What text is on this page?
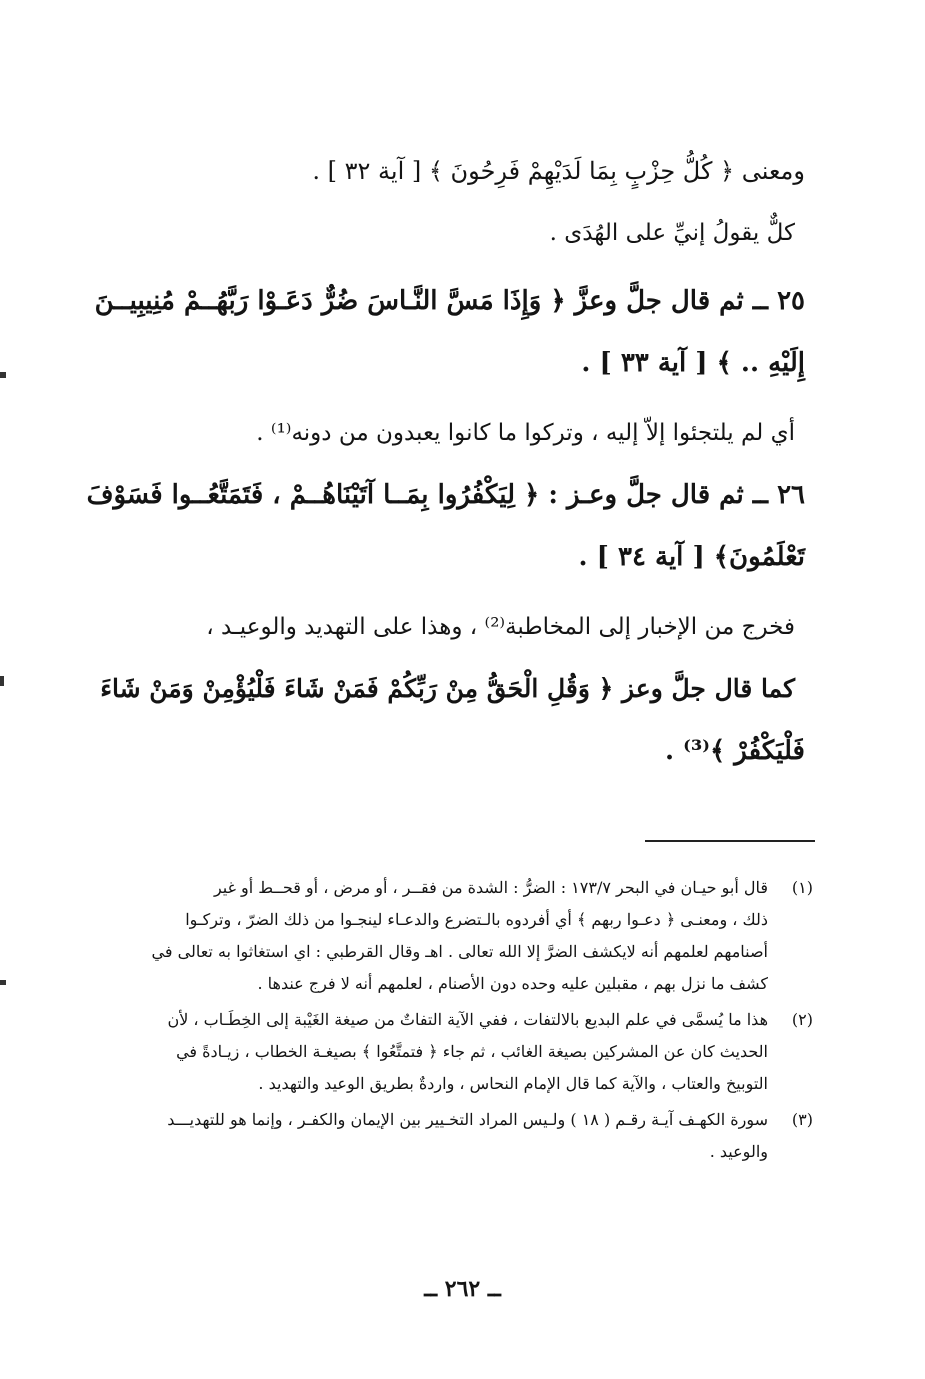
ومعنى ﴿ كُلُّ حِزْبٍ بِمَا لَدَيْهِمْ فَرِحُونَ ﴾ [ آية ٣٢ ] .

كلٌّ يقولُ إنيِّ على الهُدَى .

٢٥ ــ ثم قال جلَّ وعزَّ ﴿ وَإِذَا مَسَّ النَّـاسَ ضُرٌّ دَعَـوْا رَبَّهُــمْ مُنِيبِيــنَ

إِلَيْهِ .. ﴾ [ آية ٣٣ ] .

أي لم يلتجئوا إلاّ إليه ، وتركوا ما كانوا يعبدون من دونه⁽¹⁾ .

٢٦ ــ ثم قال جلَّ وعـز : ﴿ لِيَكْفُرُوا بِمَــا آتَيْنَاهُــمْ ، فَتَمَتَّعُــوا فَسَوْفَ

تَعْلَمُونَ﴾ [ آية ٣٤ ] .

فخرج من الإخبار إلى المخاطبة⁽²⁾ ، وهذا على التهديد والوعيـد ،

كما قال جلَّ وعز ﴿ وَقُلِ الْحَقُّ مِنْ رَبِّكُمْ فَمَنْ شَاءَ فَلْيُؤْمِنْ وَمَنْ شَاءَ

فَلْيَكْفُرْ ﴾⁽³⁾ .

(١)
قال أبو حيـان في البحر ١٧٣/٧ : الضرُّ : الشدة من فقــر ، أو مرض ، أو قحــط أو غير
ذلك ، ومعنـى ﴿ دعـوا ربهم ﴾ أي أفردوه بالـتضرع والدعـاء لينجـوا من ذلك الضرّ ، وتركـوا
أصنامهم لعلمهم أنه لايكشف الضرَّ إلا الله تعالى . اهـ وقال القرطبي : اي استغاثوا به تعالى في
كشف ما نزل بهم ، مقبلين عليه وحده دون الأصنام ، لعلمهم أنه لا فرج عندها .
(٢)
هذا ما يُسمَّى في علم البديع بالالتفات ، ففي الآية التفاتٌ من صيغة الغَيْبة إلى الخِطَـاب ، لأن
الحديث كان عن المشركين بصيغة الغائب ، ثم جاء ﴿ فتمتَّعُوا ﴾ بصيغـة الخطاب ، زيـادةً في
التوبيخ والعتاب ، والآية كما قال الإمام النحاس ، واردةٌ بطريق الوعيد والتهديد .
(٣)
سورة الكهـف آيـة رقـم ( ١٨ ) ولـيس المراد التخـيير بين الإيمان والكفـر ، وإنما هو للتهديـــد
والوعيد .
ــ ٢٦٢ ــ
